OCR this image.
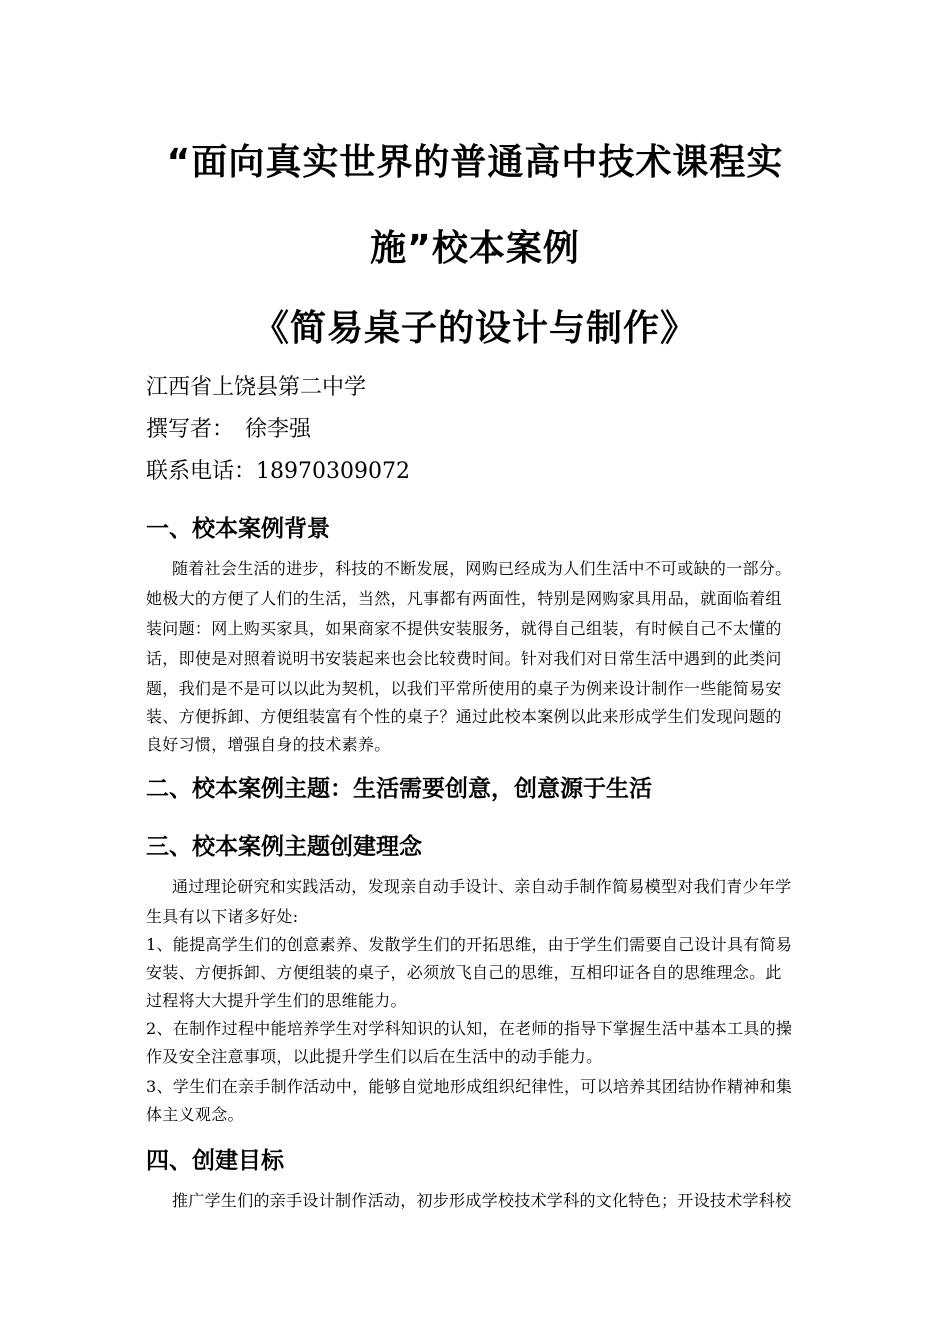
“面向真实世界的普通高中技术课程实
施”校本案例
《简易桌子的设计与制作》
江西省上饶县第二中学
撰写者：　徐李强
联系电话：18970309072
一、校本案例背景
随着社会生活的进步，科技的不断发展，网购已经成为人们生活中不可或缺的一部分。
她极大的方便了人们的生活，当然，凡事都有两面性，特别是网购家具用品，就面临着组
装问题：网上购买家具，如果商家不提供安装服务，就得自己组装，有时候自己不太懂的
话，即使是对照着说明书安装起来也会比较费时间。针对我们对日常生活中遇到的此类问
题，我们是不是可以以此为契机，以我们平常所使用的桌子为例来设计制作一些能简易安
装、方便拆卸、方便组装富有个性的桌子？通过此校本案例以此来形成学生们发现问题的
良好习惯，增强自身的技术素养。
二、校本案例主题：生活需要创意，创意源于生活
三、校本案例主题创建理念
通过理论研究和实践活动，发现亲自动手设计、亲自动手制作简易模型对我们青少年学
生具有以下诸多好处:
1、能提高学生们的创意素养、发散学生们的开拓思维，由于学生们需要自己设计具有简易
安装、方便拆卸、方便组装的桌子，必须放飞自己的思维，互相印证各自的思维理念。此
过程将大大提升学生们的思维能力。
2、在制作过程中能培养学生对学科知识的认知，在老师的指导下掌握生活中基本工具的操
作及安全注意事项，以此提升学生们以后在生活中的动手能力。
3、学生们在亲手制作活动中，能够自觉地形成组织纪律性，可以培养其团结协作精神和集
体主义观念。
四、创建目标
推广学生们的亲手设计制作活动，初步形成学校技术学科的文化特色；开设技术学科校
